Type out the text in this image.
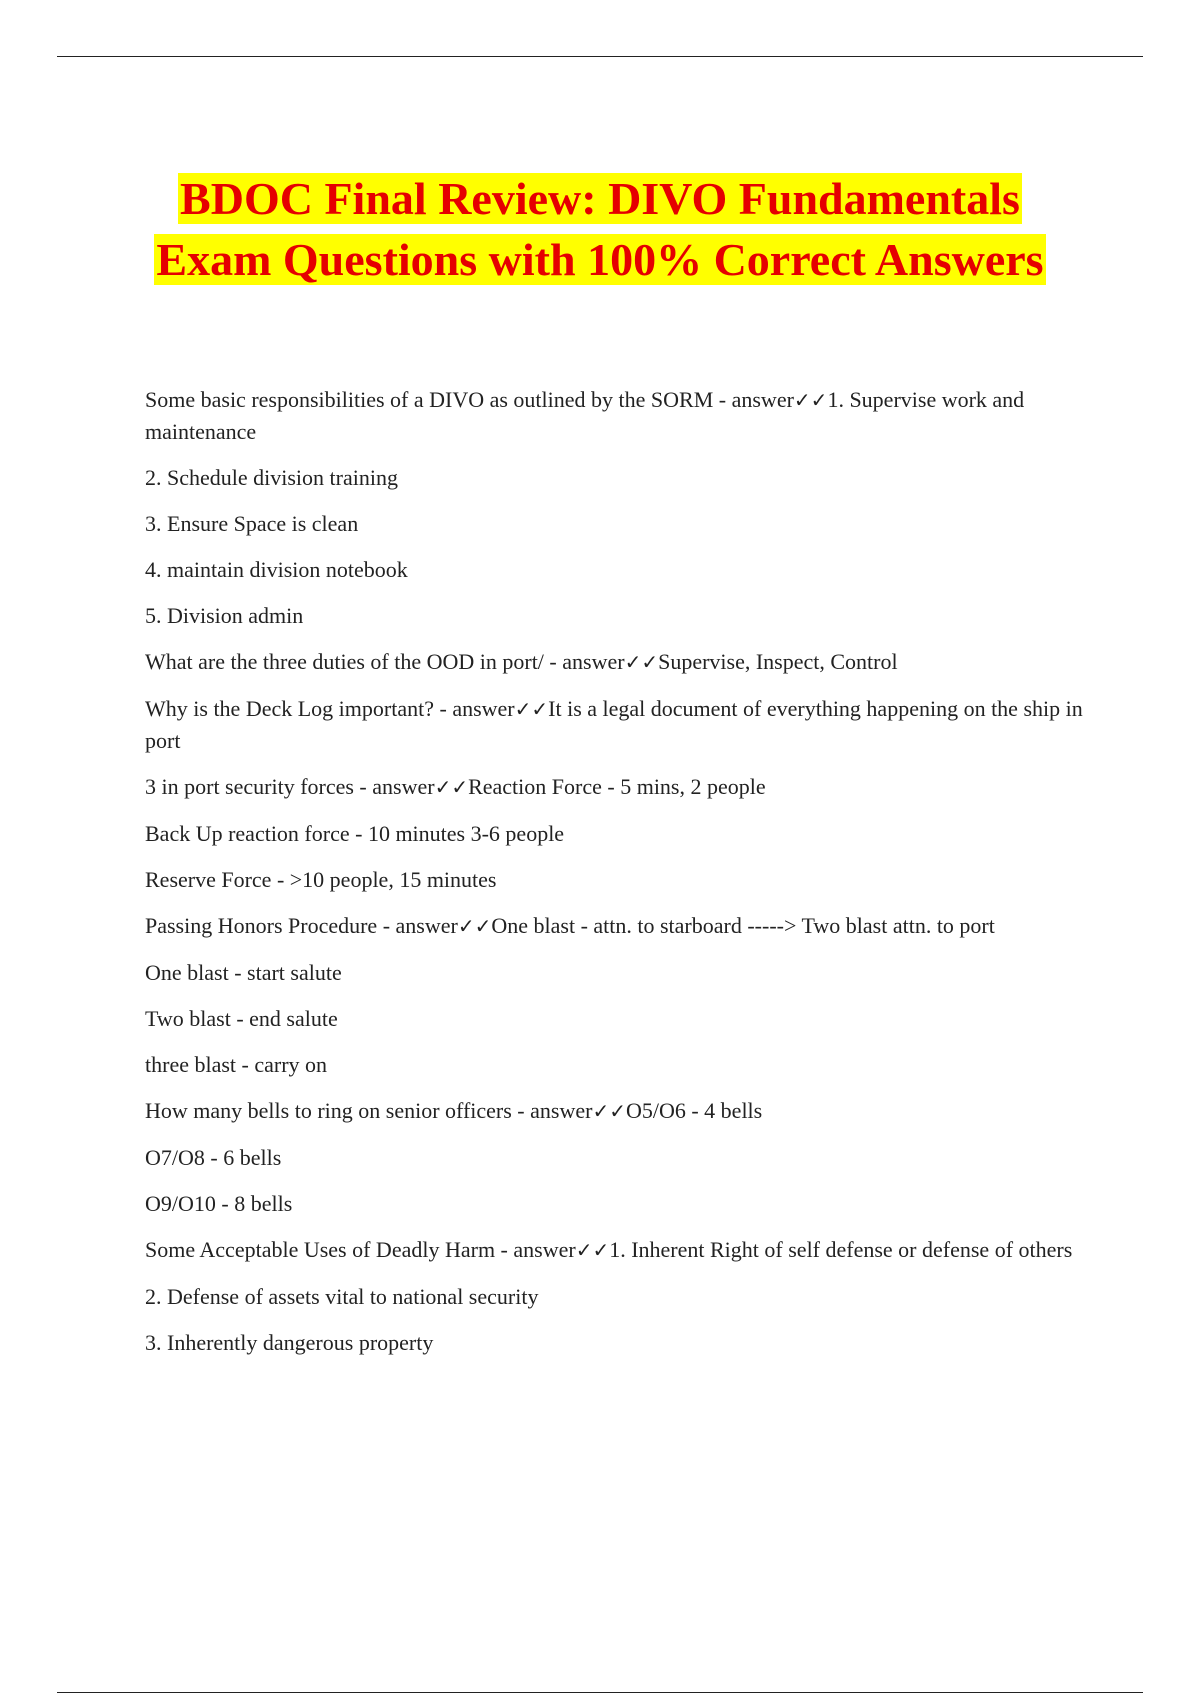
BDOC Final Review: DIVO Fundamentals
Exam Questions with 100% Correct Answers

Some basic responsibilities of a DIVO as outlined by the SORM - answer✓✓1. Supervise work and maintenance

2. Schedule division training

3. Ensure Space is clean

4. maintain division notebook

5. Division admin

What are the three duties of the OOD in port/ - answer✓✓Supervise, Inspect, Control

Why is the Deck Log important? - answer✓✓It is a legal document of everything happening on the ship in port

3 in port security forces - answer✓✓Reaction Force - 5 mins, 2 people

Back Up reaction force - 10 minutes 3-6 people

Reserve Force - >10 people, 15 minutes

Passing Honors Procedure - answer✓✓One blast - attn. to starboard -----> Two blast attn. to port

One blast - start salute

Two blast - end salute

three blast - carry on

How many bells to ring on senior officers - answer✓✓O5/O6 - 4 bells

O7/O8 - 6 bells

O9/O10 - 8 bells

Some Acceptable Uses of Deadly Harm - answer✓✓1. Inherent Right of self defense or defense of others

2. Defense of assets vital to national security

3. Inherently dangerous property
